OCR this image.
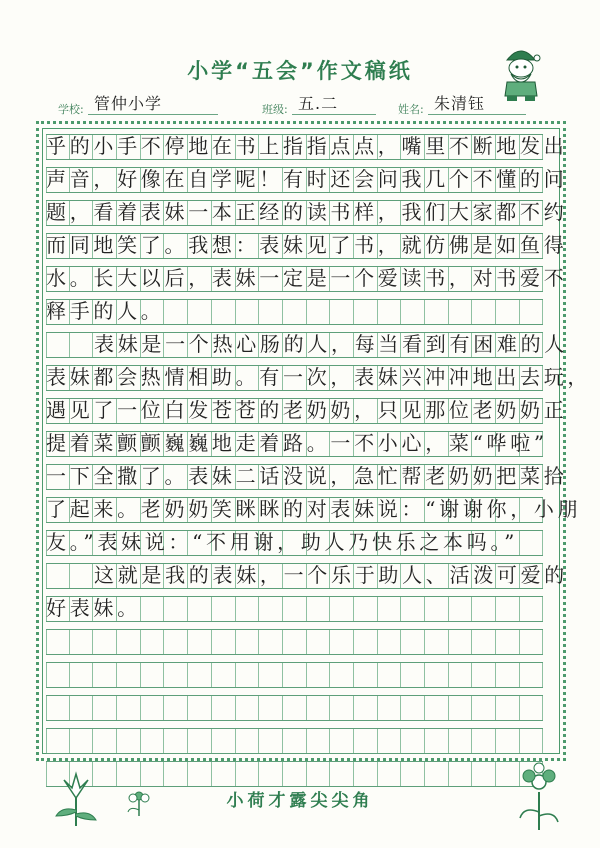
小学“五会”作文稿纸
学校: 管仲小学	班级: 五.二	姓名: 朱清钰
乎的小手不停地在书上指指点点，嘴里不断地发出
声音，好像在自学呢！有时还会问我几个不懂的问
题，看着表妹一本正经的读书样，我们大家都不约
而同地笑了。我想：表妹见了书，就仿佛是如鱼得
水。长大以后，表妹一定是一个爱读书，对书爱不
释手的人。
表妹是一个热心肠的人，每当看到有困难的人
表妹都会热情相助。有一次，表妹兴冲冲地出去玩，
遇见了一位白发苍苍的老奶奶，只见那位老奶奶正
提着菜颤颤巍巍地走着路。一不小心，菜“哗啦”
一下全撒了。表妹二话没说，急忙帮老奶奶把菜拾
了起来。老奶奶笑眯眯的对表妹说：“谢谢你，小朋
友。”表妹说：“不用谢，助人乃快乐之本吗。”
这就是我的表妹，一个乐于助人、活泼可爱的
好表妹。
小荷才露尖尖角
